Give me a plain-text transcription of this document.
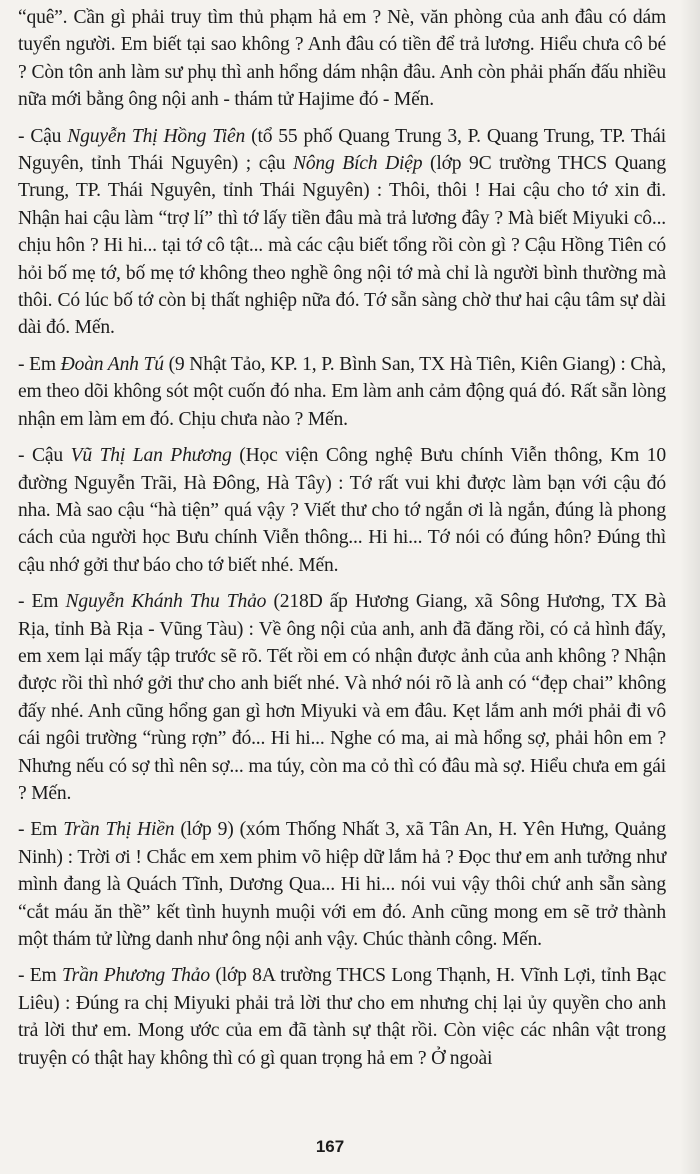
“quê”. Cần gì phải truy tìm thủ phạm hả em ? Nè, văn phòng của anh đâu có dám tuyển người. Em biết tại sao không ? Anh đâu có tiền để trả lương. Hiểu chưa cô bé ? Còn tôn anh làm sư phụ thì anh hổng dám nhận đâu. Anh còn phải phấn đấu nhiều nữa mới bằng ông nội anh - thám tử Hajime đó - Mến.

- Cậu Nguyễn Thị Hồng Tiên (tổ 55 phố Quang Trung 3, P. Quang Trung, TP. Thái Nguyên, tỉnh Thái Nguyên) ; cậu Nông Bích Diệp (lớp 9C trường THCS Quang Trung, TP. Thái Nguyên, tỉnh Thái Nguyên) : Thôi, thôi ! Hai cậu cho tớ xin đi. Nhận hai cậu làm “trợ lí” thì tớ lấy tiền đâu mà trả lương đây ? Mà biết Miyuki cô... chịu hôn ? Hi hi... tại tớ cô tật... mà các cậu biết tổng rồi còn gì ? Cậu Hồng Tiên có hỏi bố mẹ tớ, bố mẹ tớ không theo nghề ông nội tớ mà chỉ là người bình thường mà thôi. Có lúc bố tớ còn bị thất nghiệp nữa đó. Tớ sẵn sàng chờ thư hai cậu tâm sự dài dài đó. Mến.

- Em Đoàn Anh Tú (9 Nhật Tảo, KP. 1, P. Bình San, TX Hà Tiên, Kiên Giang) : Chà, em theo dõi không sót một cuốn đó nha. Em làm anh cảm động quá đó. Rất sẵn lòng nhận em làm em đó. Chịu chưa nào ? Mến.

- Cậu Vũ Thị Lan Phương (Học viện Công nghệ Bưu chính Viễn thông, Km 10 đường Nguyễn Trãi, Hà Đông, Hà Tây) : Tớ rất vui khi được làm bạn với cậu đó nha. Mà sao cậu “hà tiện” quá vậy ? Viết thư cho tớ ngắn ơi là ngắn, đúng là phong cách của người học Bưu chính Viễn thông... Hi hi... Tớ nói có đúng hôn? Đúng thì cậu nhớ gởi thư báo cho tớ biết nhé. Mến.

- Em Nguyễn Khánh Thu Thảo (218D ấp Hương Giang, xã Sông Hương, TX Bà Rịa, tỉnh Bà Rịa - Vũng Tàu) : Về ông nội của anh, anh đã đăng rồi, có cả hình đấy, em xem lại mấy tập trước sẽ rõ. Tết rồi em có nhận được ảnh của anh không ? Nhận được rồi thì nhớ gởi thư cho anh biết nhé. Và nhớ nói rõ là anh có “đẹp chai” không đấy nhé. Anh cũng hổng gan gì hơn Miyuki và em đâu. Kẹt lắm anh mới phải đi vô cái ngôi trường “rùng rợn” đó... Hi hi... Nghe có ma, ai mà hổng sợ, phải hôn em ? Nhưng nếu có sợ thì nên sợ... ma túy, còn ma cỏ thì có đâu mà sợ. Hiểu chưa em gái ? Mến.

- Em Trần Thị Hiền (lớp 9) (xóm Thống Nhất 3, xã Tân An, H. Yên Hưng, Quảng Ninh) : Trời ơi ! Chắc em xem phim võ hiệp dữ lắm hả ? Đọc thư em anh tưởng như mình đang là Quách Tĩnh, Dương Qua... Hi hi... nói vui vậy thôi chứ anh sẵn sàng “cắt máu ăn thề” kết tình huynh muội với em đó. Anh cũng mong em sẽ trở thành một thám tử lừng danh như ông nội anh vậy. Chúc thành công. Mến.

- Em Trần Phương Thảo (lớp 8A trường THCS Long Thạnh, H. Vĩnh Lợi, tỉnh Bạc Liêu) : Đúng ra chị Miyuki phải trả lời thư cho em nhưng chị lại ủy quyền cho anh trả lời thư em. Mong ước của em đã tành sự thật rồi. Còn việc các nhân vật trong truyện có thật hay không thì có gì quan trọng hả em ? Ở ngoài

167
